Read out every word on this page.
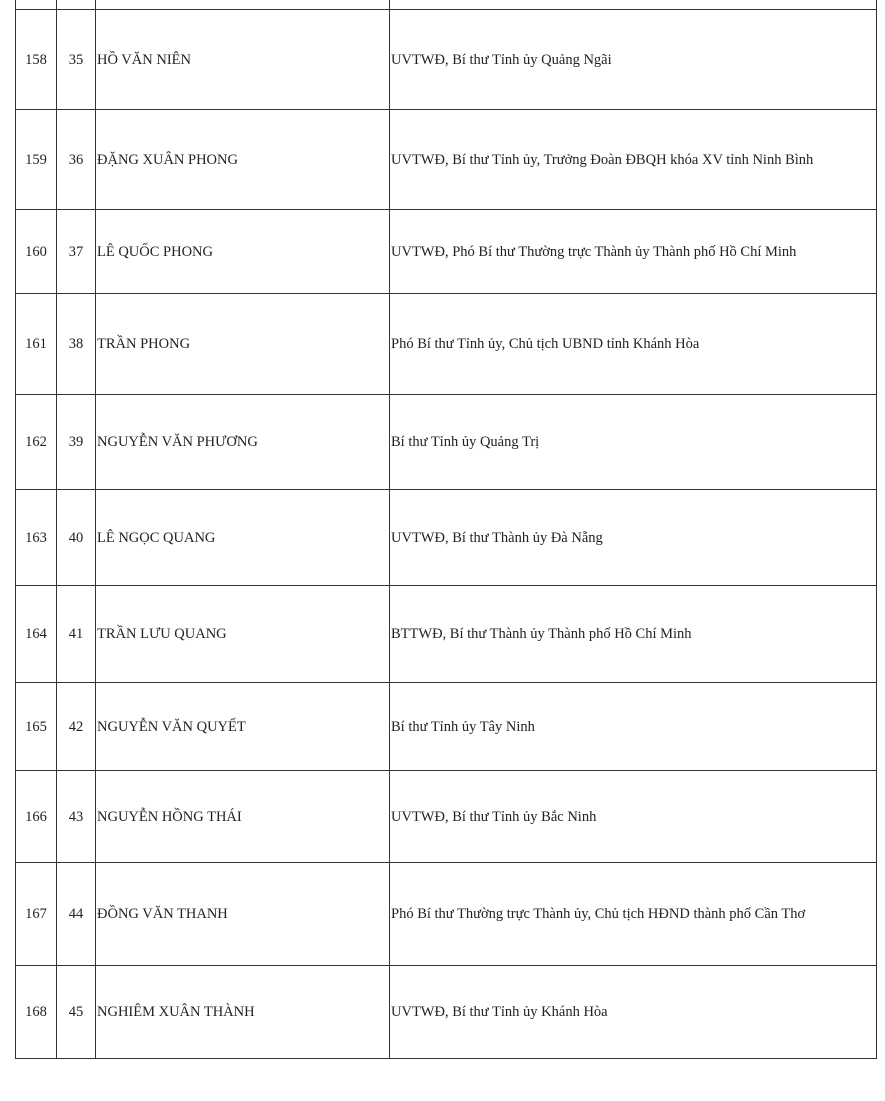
158	35	HỒ VĂN NIÊN	UVTWĐ, Bí thư Tỉnh ủy Quảng Ngãi
159	36	ĐẶNG XUÂN PHONG	UVTWĐ, Bí thư Tỉnh ủy, Trưởng Đoàn ĐBQH khóa XV tỉnh Ninh Bình
160	37	LÊ QUỐC PHONG	UVTWĐ, Phó Bí thư Thường trực Thành ủy Thành phố Hồ Chí Minh
161	38	TRẦN PHONG	Phó Bí thư Tỉnh ủy, Chủ tịch UBND tỉnh Khánh Hòa
162	39	NGUYỄN VĂN PHƯƠNG	Bí thư Tỉnh ủy Quảng Trị
163	40	LÊ NGỌC QUANG	UVTWĐ, Bí thư Thành ủy Đà Nẵng
164	41	TRẦN LƯU QUANG	BTTWĐ, Bí thư Thành ủy Thành phố Hồ Chí Minh
165	42	NGUYỄN VĂN QUYẾT	Bí thư Tỉnh ủy Tây Ninh
166	43	NGUYỄN HỒNG THÁI	UVTWĐ, Bí thư Tỉnh ủy Bắc Ninh
167	44	ĐỒNG VĂN THANH	Phó Bí thư Thường trực Thành ủy, Chủ tịch HĐND thành phố Cần Thơ
168	45	NGHIÊM XUÂN THÀNH	UVTWĐ, Bí thư Tỉnh ủy Khánh Hòa
